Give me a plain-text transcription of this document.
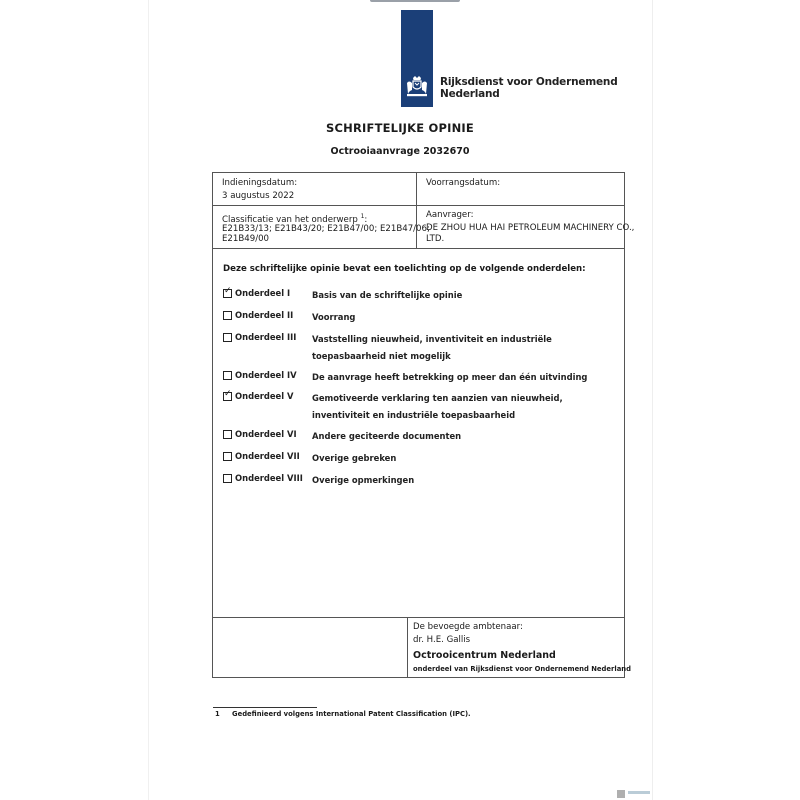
Rijksdienst voor Ondernemend
Nederland
SCHRIFTELIJKE OPINIE
Octrooiaanvrage 2032670
Indieningsdatum:
3 augustus 2022
Voorrangsdatum:
Classificatie van het onderwerp $^1$:
E21B33/13; E21B43/20; E21B47/00; E21B47/06;
E21B49/00
Aanvrager:
DE ZHOU HUA HAI PETROLEUM MACHINERY CO.,
LTD.
Deze schriftelijke opinie bevat een toelichting op de volgende onderdelen:
✓ Onderdeel I	Basis van de schriftelijke opinie
Onderdeel II Voorrang
Onderdeel III Vaststelling nieuwheid, inventiviteit en industriële toepasbaarheid niet mogelijk
Onderdeel IV De aanvrage heeft betrekking op meer dan één uitvinding
✓ Onderdeel V Gemotiveerde verklaring ten aanzien van nieuwheid, inventiviteit en industriële toepasbaarheid
Onderdeel VI Andere geciteerde documenten
Onderdeel VII Overige gebreken
Onderdeel VIII Overige opmerkingen
De bevoegde ambtenaar:
dr. H.E. Gallis
Octrooicentrum Nederland
onderdeel van Rijksdienst voor Ondernemend Nederland
1 Gedefinieerd volgens International Patent Classification (IPC).
